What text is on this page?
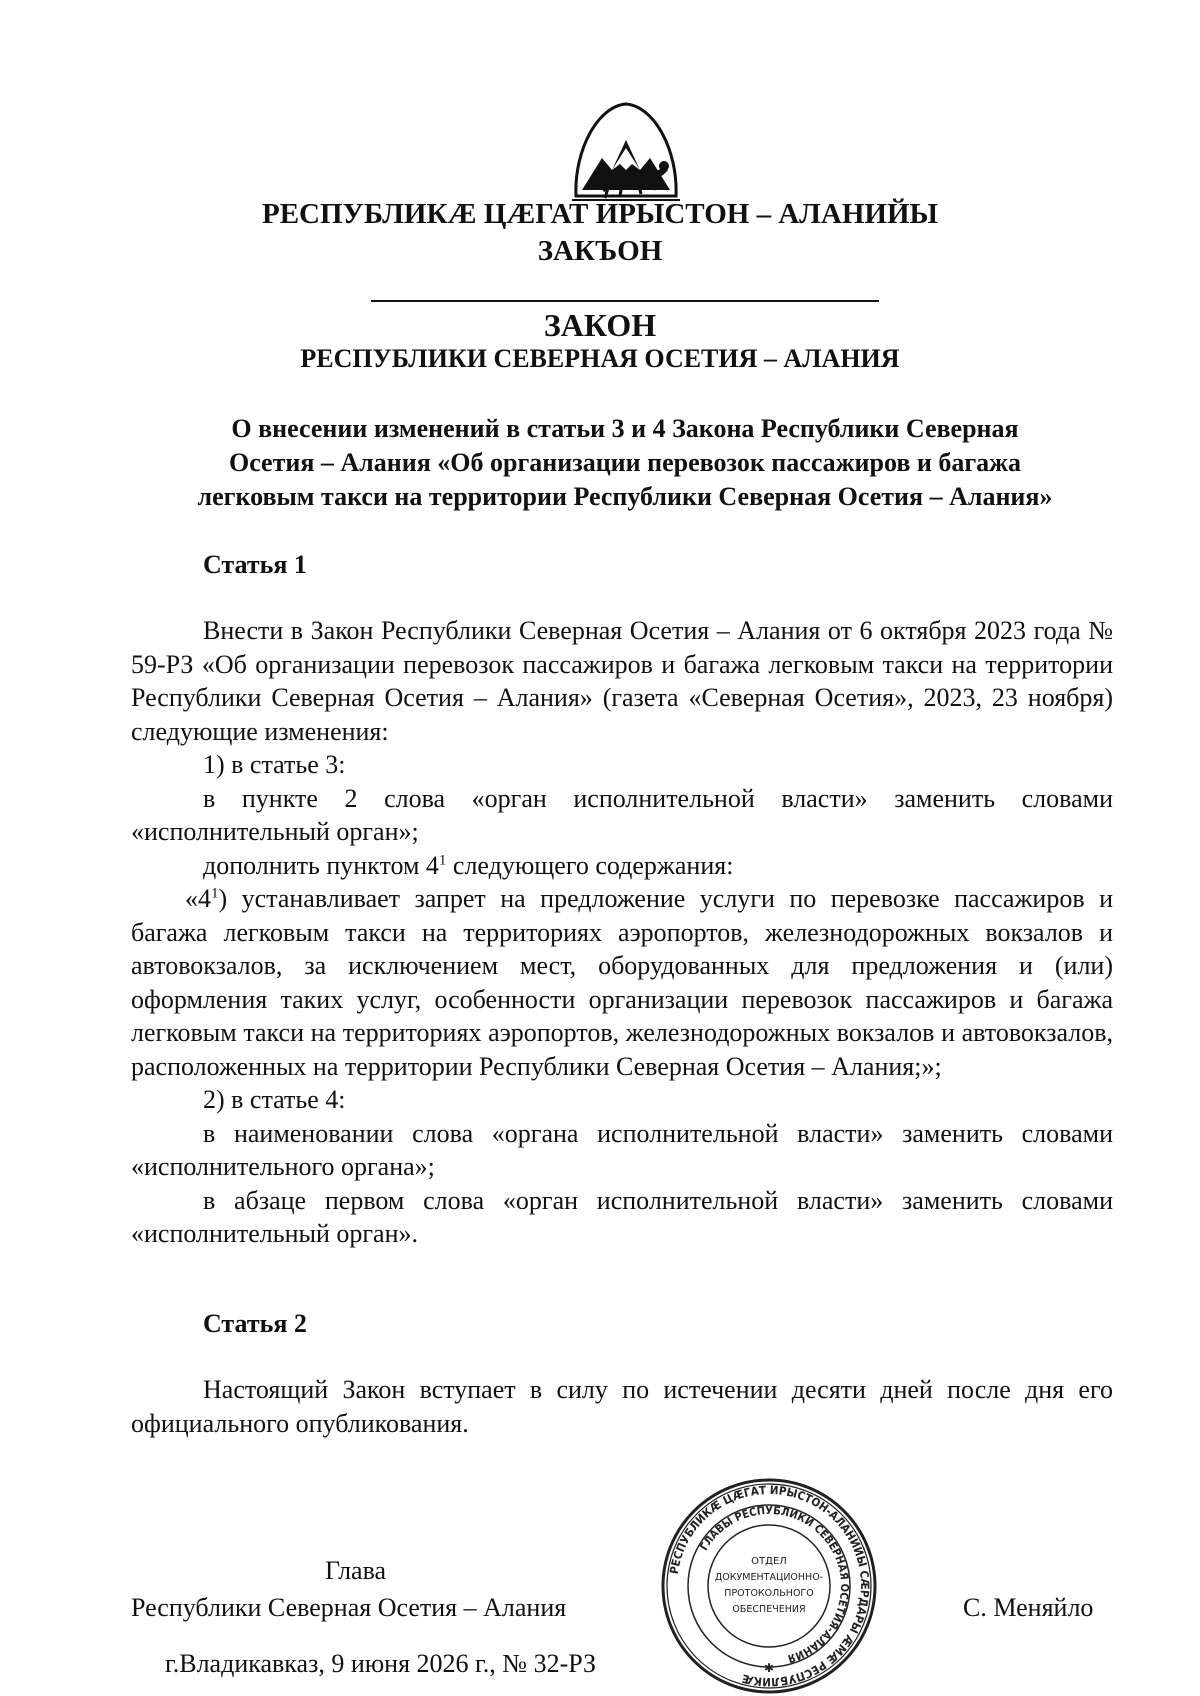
РЕСПУБЛИКӔ ЦӔГАТ ИРЫСТОН – АЛАНИЙЫ
ЗАКЪОН
ЗАКОН
РЕСПУБЛИКИ СЕВЕРНАЯ ОСЕТИЯ – АЛАНИЯ
О внесении изменений в статьи 3 и 4 Закона Республики Северная
Осетия – Алания «Об организации перевозок пассажиров и багажа
легковым такси на территории Республики Северная Осетия – Алания»
Статья 1

Внести в Закон Республики Северная Осетия – Алания от 6 октября 2023 года № 59-РЗ «Об организации перевозок пассажиров и багажа легковым такси на территории Республики Северная Осетия – Алания» (газета «Северная Осетия», 2023, 23 ноября) следующие изменения:

1) в статье 3:

в пункте 2 слова «орган исполнительной власти» заменить словами «исполнительный орган»;

дополнить пунктом $4^1$ следующего содержания:

«$4^1$) устанавливает запрет на предложение услуги по перевозке пассажиров и багажа легковым такси на территориях аэропортов, железнодорожных вокзалов и автовокзалов, за исключением мест, оборудованных для предложения и (или) оформления таких услуг, особенности организации перевозок пассажиров и багажа легковым такси на территориях аэропортов, железнодорожных вокзалов и автовокзалов, расположенных на территории Республики Северная Осетия – Алания;»;

2) в статье 4:

в наименовании слова «органа исполнительной власти» заменить словами «исполнительного органа»;

в абзаце первом слова «орган исполнительной власти» заменить словами «исполнительный орган».

Статья 2

Настоящий Закон вступает в силу по истечении десяти дней после дня его официального опубликования.

Глава
Республики Северная Осетия – Алания	С. Меняйло
г.Владикавказ, 9 июня 2026 г., № 32-РЗ
РЕСПУБЛИКӔ ЦӔГАТ ИРЫСТОН-АЛАНИЙЫ СӔРДАРЫ ӔМӔ РЕСПУБЛИКӔ
ГЛАВЫ РЕСПУБЛИКИ СЕВЕРНАЯ ОСЕТИЯ-АЛАНИЯ
ОТДЕЛ
ДОКУМЕНТАЦИОННО-
ПРОТОКОЛЬНОГО
ОБЕСПЕЧЕНИЯ
✱
